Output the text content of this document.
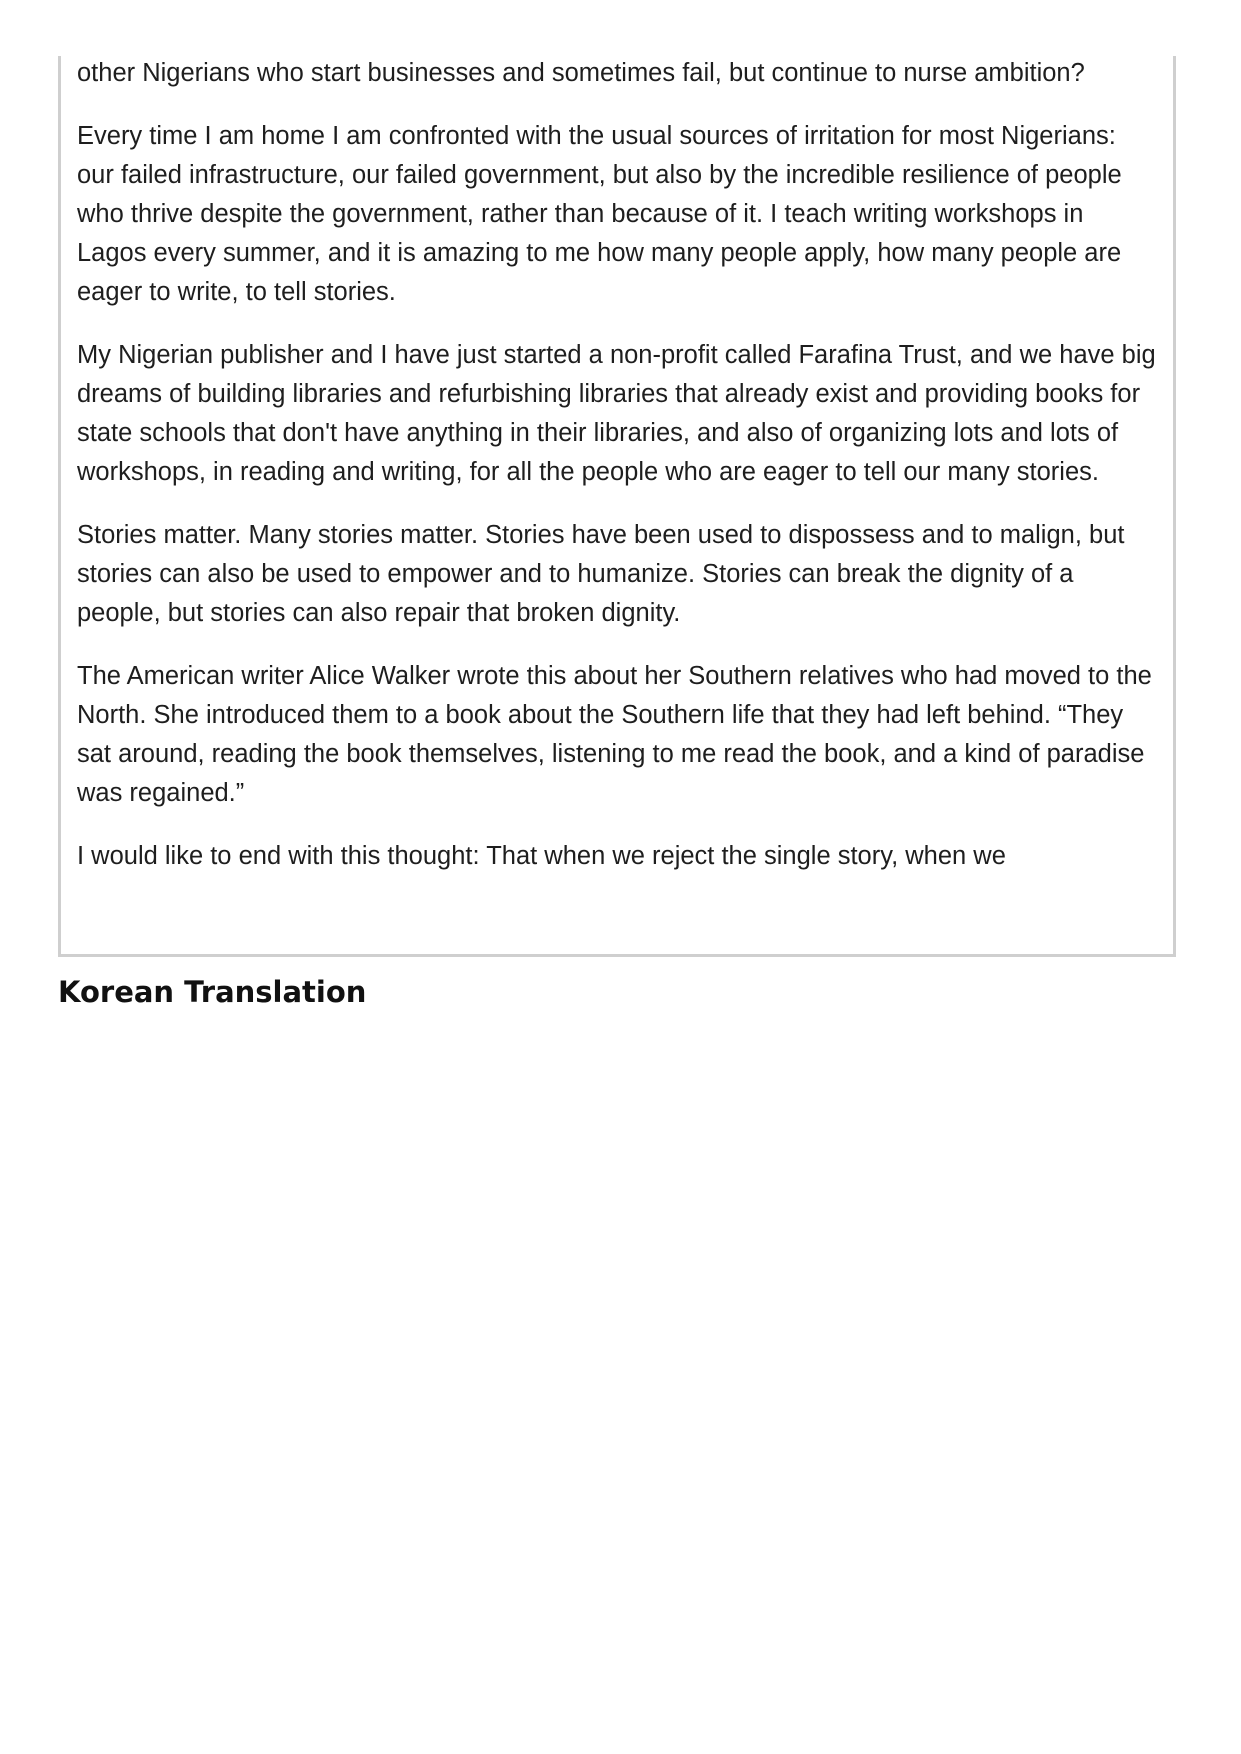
other Nigerians who start businesses and sometimes fail, but continue to nurse ambition?

Every time I am home I am confronted with the usual sources of irritation for most Nigerians: our failed infrastructure, our failed government, but also by the incredible resilience of people who thrive despite the government, rather than because of it. I teach writing workshops in Lagos every summer, and it is amazing to me how many people apply, how many people are eager to write, to tell stories.

My Nigerian publisher and I have just started a non-profit called Farafina Trust, and we have big dreams of building libraries and refurbishing libraries that already exist and providing books for state schools that don't have anything in their libraries, and also of organizing lots and lots of workshops, in reading and writing, for all the people who are eager to tell our many stories.

Stories matter. Many stories matter. Stories have been used to dispossess and to malign, but stories can also be used to empower and to humanize. Stories can break the dignity of a people, but stories can also repair that broken dignity.

The American writer Alice Walker wrote this about her Southern relatives who had moved to the North. She introduced them to a book about the Southern life that they had left behind. “They sat around, reading the book themselves, listening to me read the book, and a kind of paradise was regained.”

I would like to end with this thought: That when we reject the single story, when we

Korean Translation
